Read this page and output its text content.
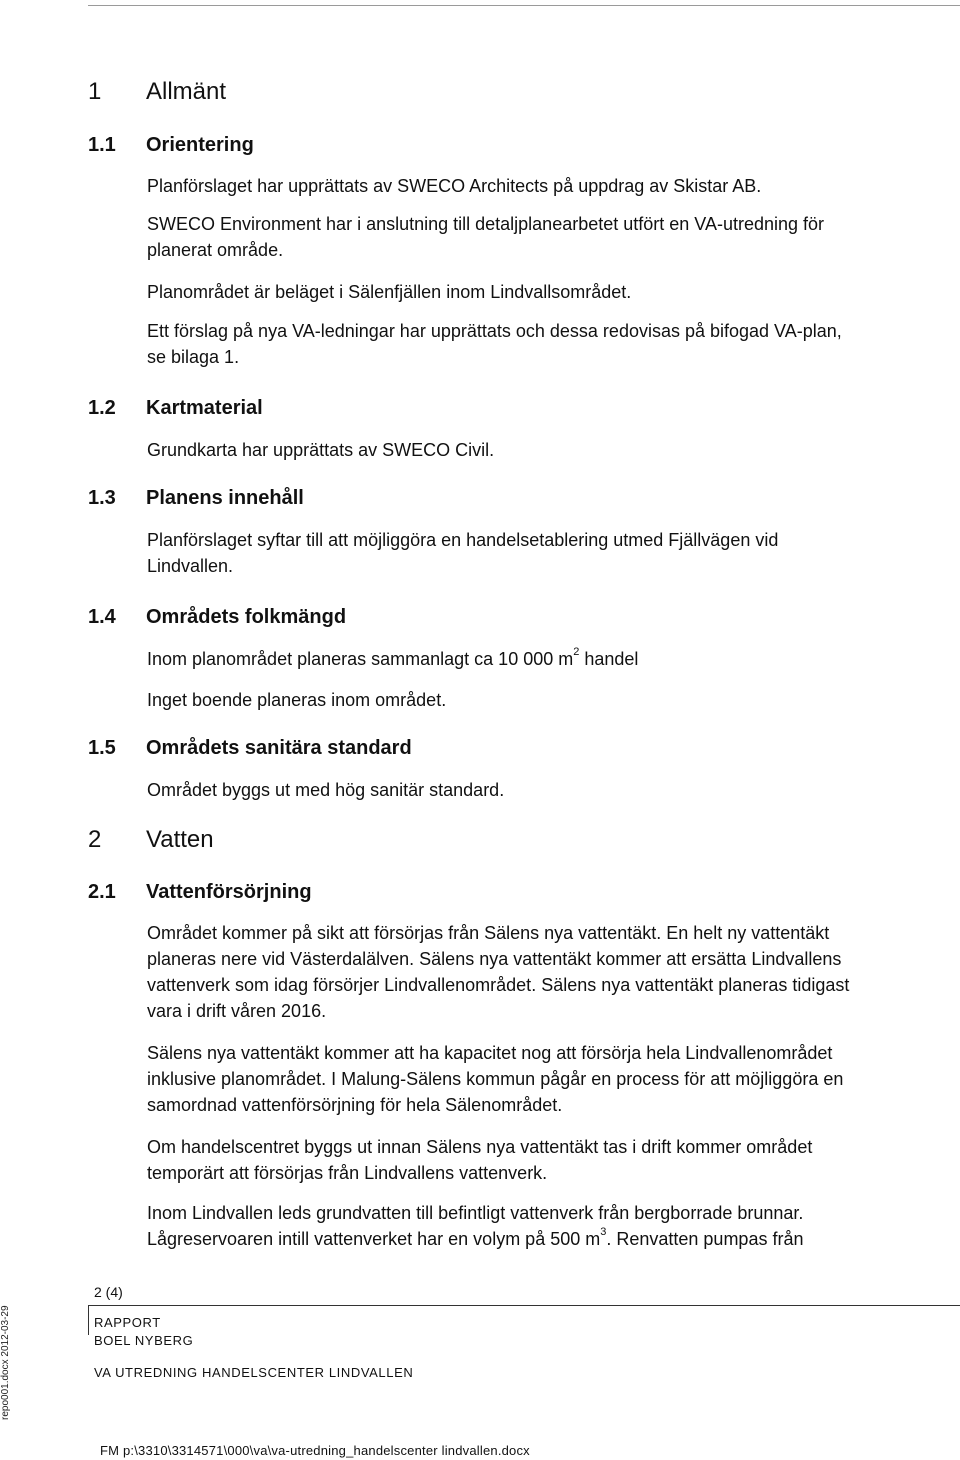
1 Allmänt
1.1 Orientering

Planförslaget har upprättats av SWECO Architects på uppdrag av Skistar AB.

SWECO Environment har i anslutning till detaljplanearbetet utfört en VA-utredning för
planerat område.

Planområdet är beläget i Sälenfjällen inom Lindvallsområdet.

Ett förslag på nya VA-ledningar har upprättats och dessa redovisas på bifogad VA-plan,
se bilaga 1.

1.2 Kartmaterial

Grundkarta har upprättats av SWECO Civil.

1.3 Planens innehåll

Planförslaget syftar till att möjliggöra en handelsetablering utmed Fjällvägen vid
Lindvallen.

1.4 Områdets folkmängd

Inom planområdet planeras sammanlagt ca 10 000 $m^2$ handel

Inget boende planeras inom området.

1.5 Områdets sanitära standard

Området byggs ut med hög sanitär standard.

2 Vatten
2.1 Vattenförsörjning

Området kommer på sikt att försörjas från Sälens nya vattentäkt. En helt ny vattentäkt
planeras nere vid Västerdalälven. Sälens nya vattentäkt kommer att ersätta Lindvallens
vattenverk som idag försörjer Lindvallenområdet. Sälens nya vattentäkt planeras tidigast
vara i drift våren 2016.

Sälens nya vattentäkt kommer att ha kapacitet nog att försörja hela Lindvallenområdet
inklusive planområdet. I Malung-Sälens kommun pågår en process för att möjliggöra en
samordnad vattenförsörjning för hela Sälenområdet.

Om handelscentret byggs ut innan Sälens nya vattentäkt tas i drift kommer området
temporärt att försörjas från Lindvallens vattenverk.

Inom Lindvallen leds grundvatten till befintligt vattenverk från bergborrade brunnar.
Lågreservoaren intill vattenverket har en volym på 500 $m^3$. Renvatten pumpas från

2 (4)
RAPPORT
BOEL NYBERG
VA UTREDNING HANDELSCENTER LINDVALLEN
repo001.docx 2012-03-29
FM p:\3310\3314571\000\va\va-utredning_handelscenter lindvallen.docx
